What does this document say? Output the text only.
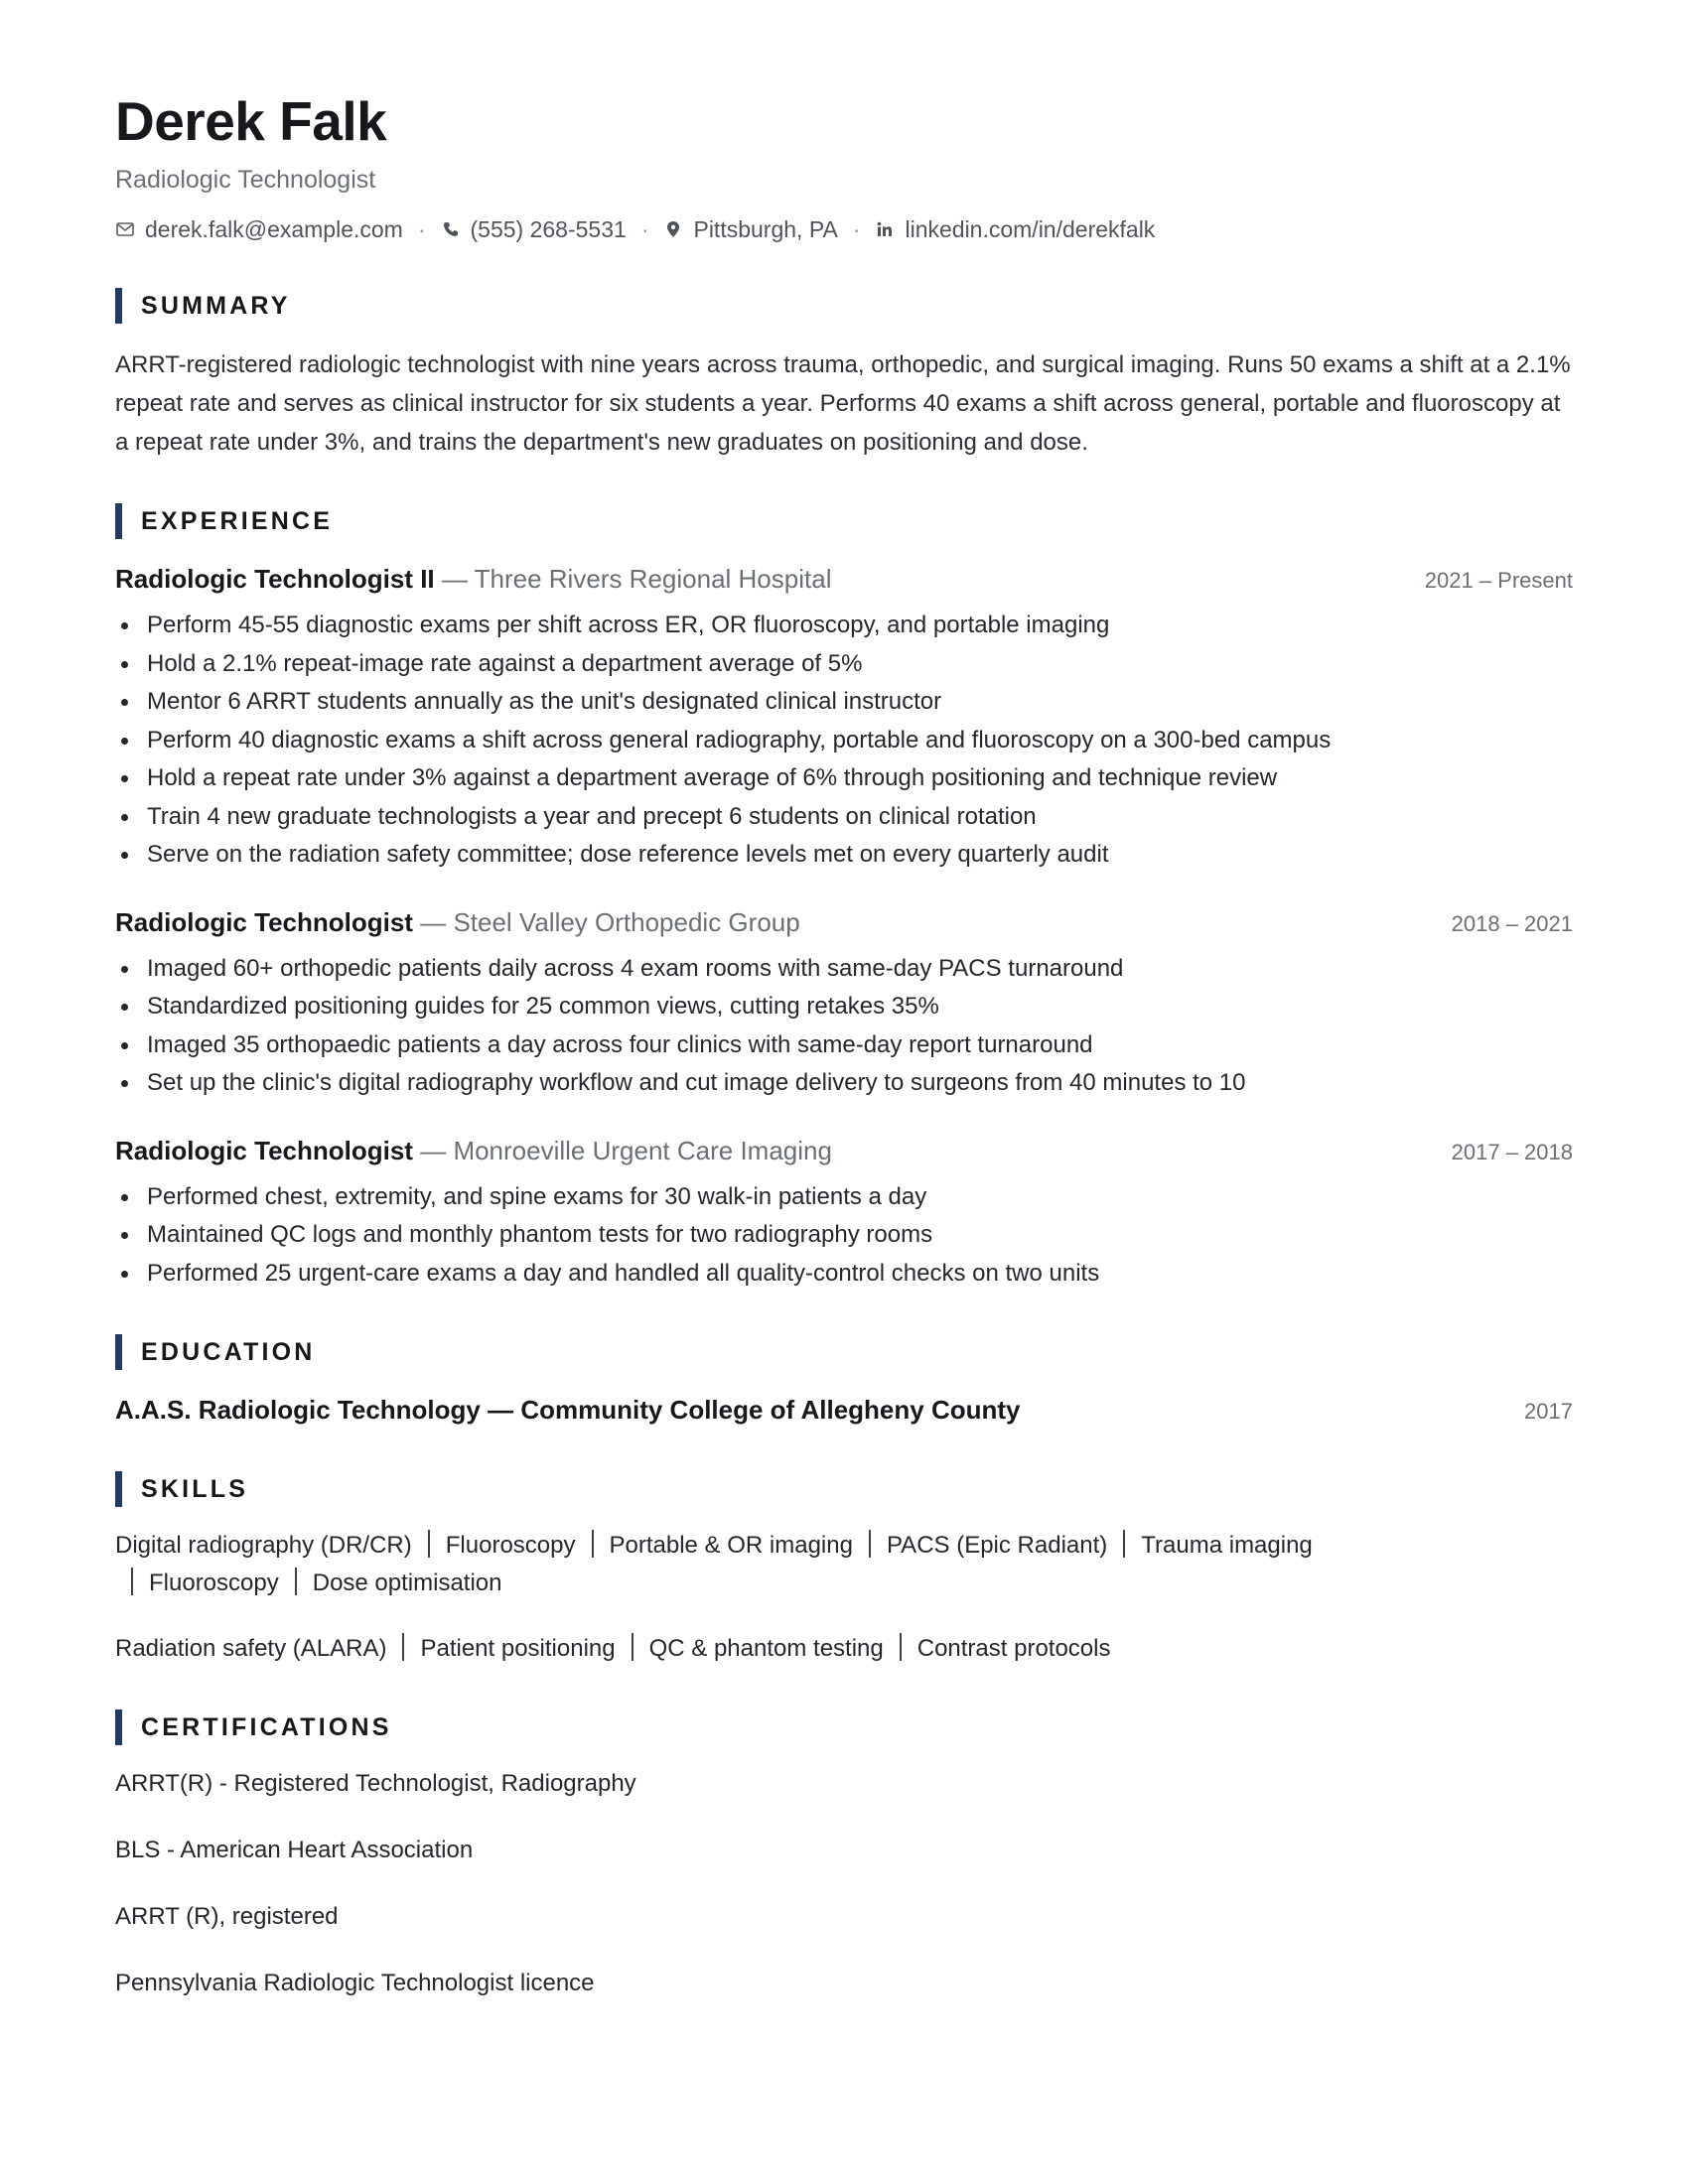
Derek Falk
Radiologic Technologist
derek.falk@example.com · (555) 268-5531 · Pittsburgh, PA · linkedin.com/in/derekfalk
SUMMARY

ARRT-registered radiologic technologist with nine years across trauma, orthopedic, and surgical imaging. Runs 50 exams a shift at a 2.1% repeat rate and serves as clinical instructor for six students a year. Performs 40 exams a shift across general, portable and fluoroscopy at a repeat rate under 3%, and trains the department's new graduates on positioning and dose.

EXPERIENCE
Radiologic Technologist II — Three Rivers Regional Hospital	2021 – Present
Perform 45-55 diagnostic exams per shift across ER, OR fluoroscopy, and portable imaging
Hold a 2.1% repeat-image rate against a department average of 5%
Mentor 6 ARRT students annually as the unit's designated clinical instructor
Perform 40 diagnostic exams a shift across general radiography, portable and fluoroscopy on a 300-bed campus
Hold a repeat rate under 3% against a department average of 6% through positioning and technique review
Train 4 new graduate technologists a year and precept 6 students on clinical rotation
Serve on the radiation safety committee; dose reference levels met on every quarterly audit
Radiologic Technologist — Steel Valley Orthopedic Group	2018 – 2021
Imaged 60+ orthopedic patients daily across 4 exam rooms with same-day PACS turnaround
Standardized positioning guides for 25 common views, cutting retakes 35%
Imaged 35 orthopaedic patients a day across four clinics with same-day report turnaround
Set up the clinic's digital radiography workflow and cut image delivery to surgeons from 40 minutes to 10
Radiologic Technologist — Monroeville Urgent Care Imaging	2017 – 2018
Performed chest, extremity, and spine exams for 30 walk-in patients a day
Maintained QC logs and monthly phantom tests for two radiography rooms
Performed 25 urgent-care exams a day and handled all quality-control checks on two units
EDUCATION
A.A.S. Radiologic Technology — Community College of Allegheny County	2017
SKILLS
Digital radiography (DR/CR) Fluoroscopy Portable & OR imaging PACS (Epic Radiant) Trauma imagingFluoroscopy Dose optimisation
Radiation safety (ALARA) Patient positioning QC & phantom testing Contrast protocols
CERTIFICATIONS
ARRT(R) - Registered Technologist, Radiography
BLS - American Heart Association
ARRT (R), registered
Pennsylvania Radiologic Technologist licence
